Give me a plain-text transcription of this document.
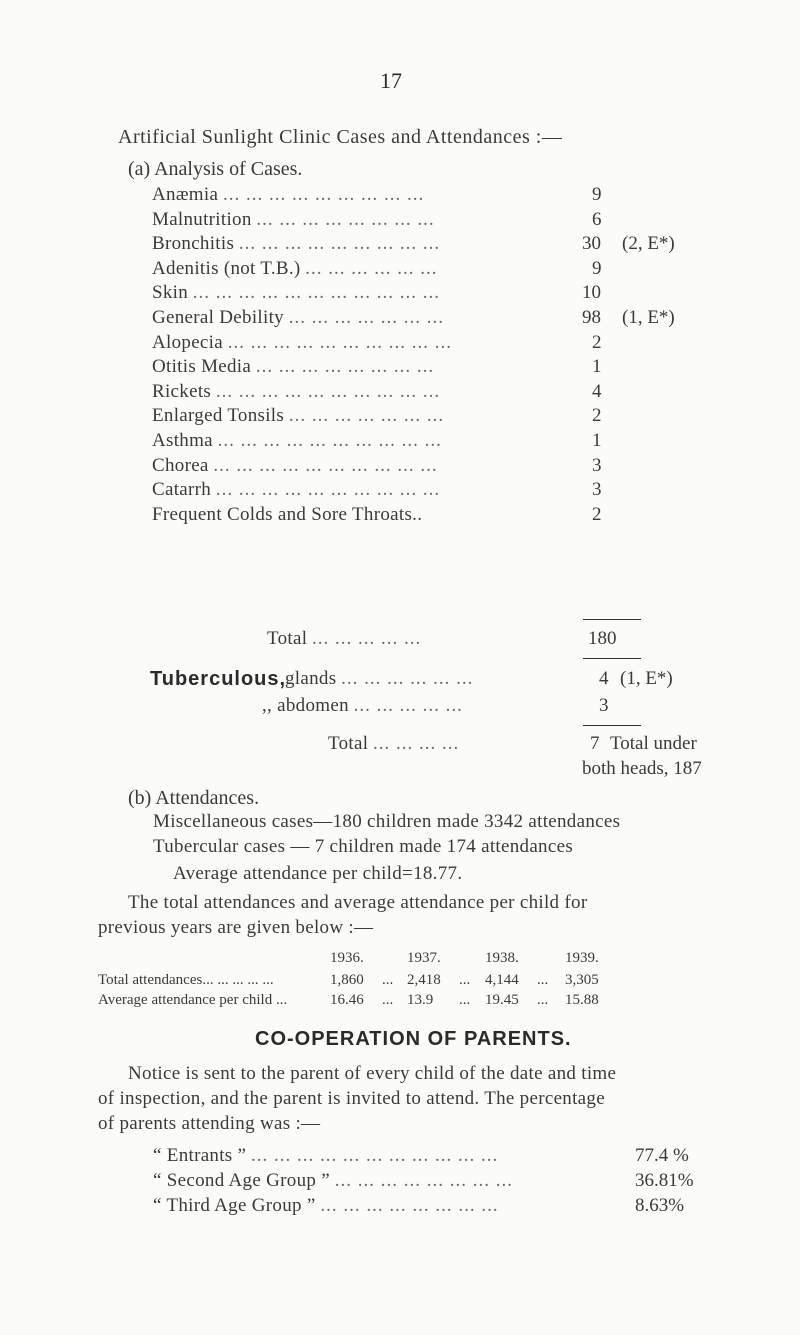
17
Artificial Sunlight Clinic Cases and Attendances :—
(a) Analysis of Cases.
Anæmia ... ... ... ... ... ... ... ... ...	9
Malnutrition ... ... ... ... ... ... ... ...	6
Bronchitis ... ... ... ... ... ... ... ... ...	30 (2, E*)
Adenitis (not T.B.) ... ... ... ... ... ...	9
Skin ... ... ... ... ... ... ... ... ... ... ...	10
General Debility ... ... ... ... ... ... ...	98 (1, E*)
Alopecia ... ... ... ... ... ... ... ... ... ...	2
Otitis Media ... ... ... ... ... ... ... ...	1
Rickets ... ... ... ... ... ... ... ... ... ...	4
Enlarged Tonsils ... ... ... ... ... ... ...	2
Asthma ... ... ... ... ... ... ... ... ... ...	1
Chorea ... ... ... ... ... ... ... ... ... ...	3
Catarrh ... ... ... ... ... ... ... ... ... ...	3
Frequent Colds and Sore Throats..	2
Total ... ... ... ... ...	180
Tuberculous,
glands ... ... ... ... ... ...	4 (1, E*)
,, abdomen ... ... ... ... ...	3
Total ... ... ... ...	7 Total under
both heads, 187
(b) Attendances.
Miscellaneous cases—180 children made 3342 attendances
Tubercular cases — 7 children made 174 attendances
Average attendance per child=18.77.
The total attendances and average attendance per child for
previous years are given below :—
1936.	1937.	1938.	1939.
Total attendances... ... ... ... ...	1,860 ... 2,418 ... 4,144 ... 3,305
Average attendance per child ...	16.46 ... 13.9 ... 19.45 ... 15.88
CO-OPERATION OF PARENTS.
Notice is sent to the parent of every child of the date and time
of inspection, and the parent is invited to attend. The percentage
of parents attending was :—
“ Entrants ” ... ... ... ... ... ... ... ... ... ... ...	77.4 %
“ Second Age Group ” ... ... ... ... ... ... ... ...	36.81%
“ Third Age Group ” ... ... ... ... ... ... ... ...	8.63%
